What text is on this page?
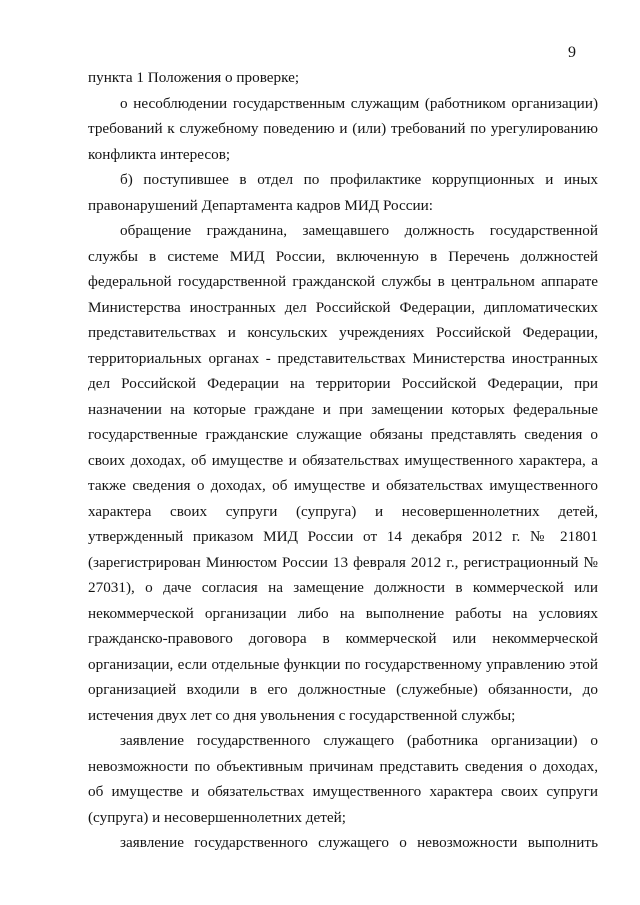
9

пункта 1 Положения о проверке;

о несоблюдении государственным служащим (работником организации) требований к служебному поведению и (или) требований по урегулированию конфликта интересов;

б) поступившее в отдел по профилактике коррупционных и иных правонарушений Департамента кадров МИД России:

обращение гражданина, замещавшего должность государственной службы в системе МИД России, включенную в Перечень должностей федеральной государственной гражданской службы в центральном аппарате Министерства иностранных дел Российской Федерации, дипломатических представительствах и консульских учреждениях Российской Федерации, территориальных органах - представительствах Министерства иностранных дел Российской Федерации на территории Российской Федерации, при назначении на которые граждане и при замещении которых федеральные государственные гражданские служащие обязаны представлять сведения о своих доходах, об имуществе и обязательствах имущественного характера, а также сведения о доходах, об имуществе и обязательствах имущественного характера своих супруги (супруга) и несовершеннолетних детей, утвержденный приказом МИД России от 14 декабря 2012 г. № 21801 (зарегистрирован Минюстом России 13 февраля 2012 г., регистрационный № 27031), о даче согласия на замещение должности в коммерческой или некоммерческой организации либо на выполнение работы на условиях гражданско-правового договора в коммерческой или некоммерческой организации, если отдельные функции по государственному управлению этой организацией входили в его должностные (служебные) обязанности, до истечения двух лет со дня увольнения с государственной службы;

заявление государственного служащего (работника организации) о невозможности по объективным причинам представить сведения о доходах, об имуществе и обязательствах имущественного характера своих супруги (супруга) и несовершеннолетних детей;

заявление государственного служащего о невозможности выполнить
